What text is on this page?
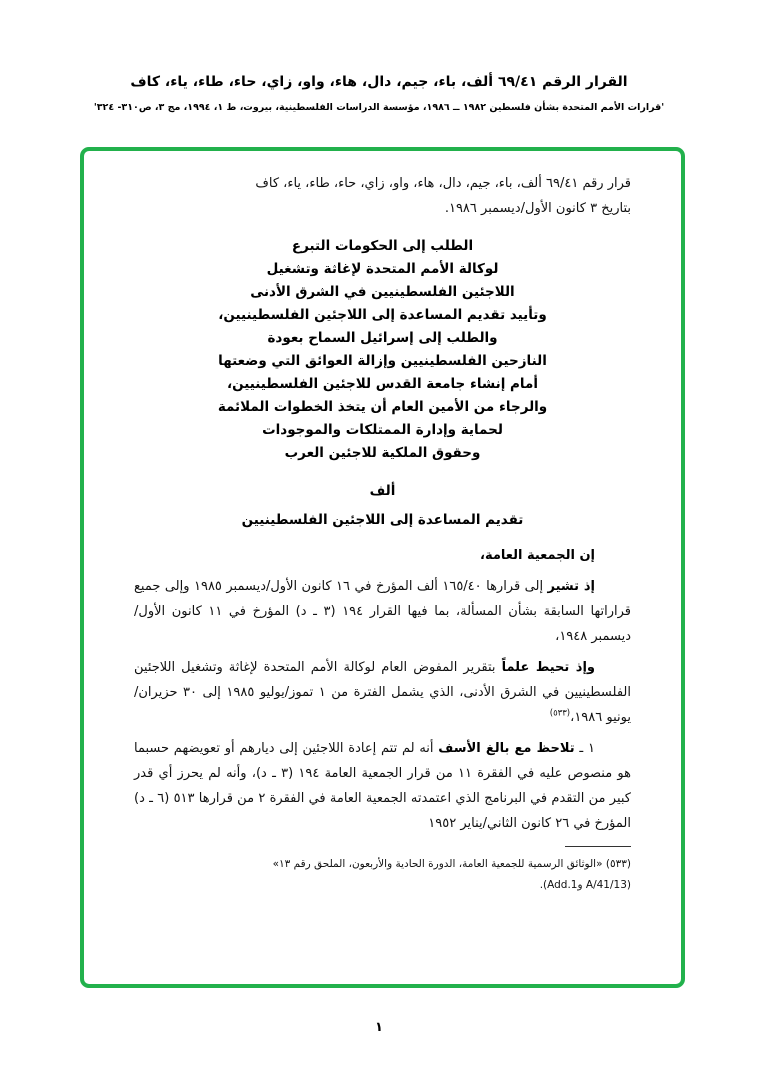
القرار الرقم ٦٩/٤١ ألف، باء، جيم، دال، هاء، واو، زاي، حاء، طاء، ياء، كاف
'قرارات الأمم المتحدة بشأن فلسطين ١٩٨٢ ــ ١٩٨٦، مؤسسة الدراسات الفلسطينية، بيروت، ط ١، ١٩٩٤، مج ٣، ص٣١٠- ٣٢٤'

قرار رقم ٦٩/٤١ ألف، باء، جيم، دال، هاء، واو، زاي، حاء، طاء، ياء، كاف بتاريخ ٣ كانون الأول/ديسمبر ١٩٨٦.

الطلب إلى الحكومات التبرع
لوكالة الأمم المتحدة لإغاثة وتشغيل
اللاجئين الفلسطينيين في الشرق الأدنى
وتأييد تقديم المساعدة إلى اللاجئين الفلسطينيين،
والطلب إلى إسرائيل السماح بعودة
النازحين الفلسطينيين وإزالة العوائق التي وضعتها
أمام إنشاء جامعة القدس للاجئين الفلسطينيين،
والرجاء من الأمين العام أن يتخذ الخطوات الملائمة
لحماية وإدارة الممتلكات والموجودات
وحقوق الملكية للاجئين العرب
ألف
تقديم المساعدة إلى اللاجئين الفلسطينيين

إن الجمعية العامة،

إذ تشير إلى قرارها ١٦٥/٤٠ ألف المؤرخ في ١٦ كانون الأول/ديسمبر ١٩٨٥ وإلى جميع قراراتها السابقة بشأن المسألة، بما فيها القرار ١٩٤ (٣ ـ د) المؤرخ في ١١ كانون الأول/ديسمبر ١٩٤٨،

وإذ تحيط علماً بتقرير المفوض العام لوكالة الأمم المتحدة لإغاثة وتشغيل اللاجئين الفلسطينيين في الشرق الأدنى، الذي يشمل الفترة من ١ تموز/يوليو ١٩٨٥ إلى ٣٠ حزيران/يونيو ١٩٨٦،$^{(٥٣٣)}$

١ ـ تلاحظ مع بالغ الأسف أنه لم تتم إعادة اللاجئين إلى ديارهم أو تعويضهم حسبما هو منصوص عليه في الفقرة ١١ من قرار الجمعية العامة ١٩٤ (٣ ـ د)، وأنه لم يحرز أي قدر كبير من التقدم في البرنامج الذي اعتمدته الجمعية العامة في الفقرة ٢ من قرارها ٥١٣ (٦ ـ د) المؤرخ في ٢٦ كانون الثاني/يناير ١٩٥٢

(٥٣٣) «الوثائق الرسمية للجمعية العامة، الدورة الحادية والأربعون، الملحق رقم ١٣» (A/41/13 وAdd.1).

١
